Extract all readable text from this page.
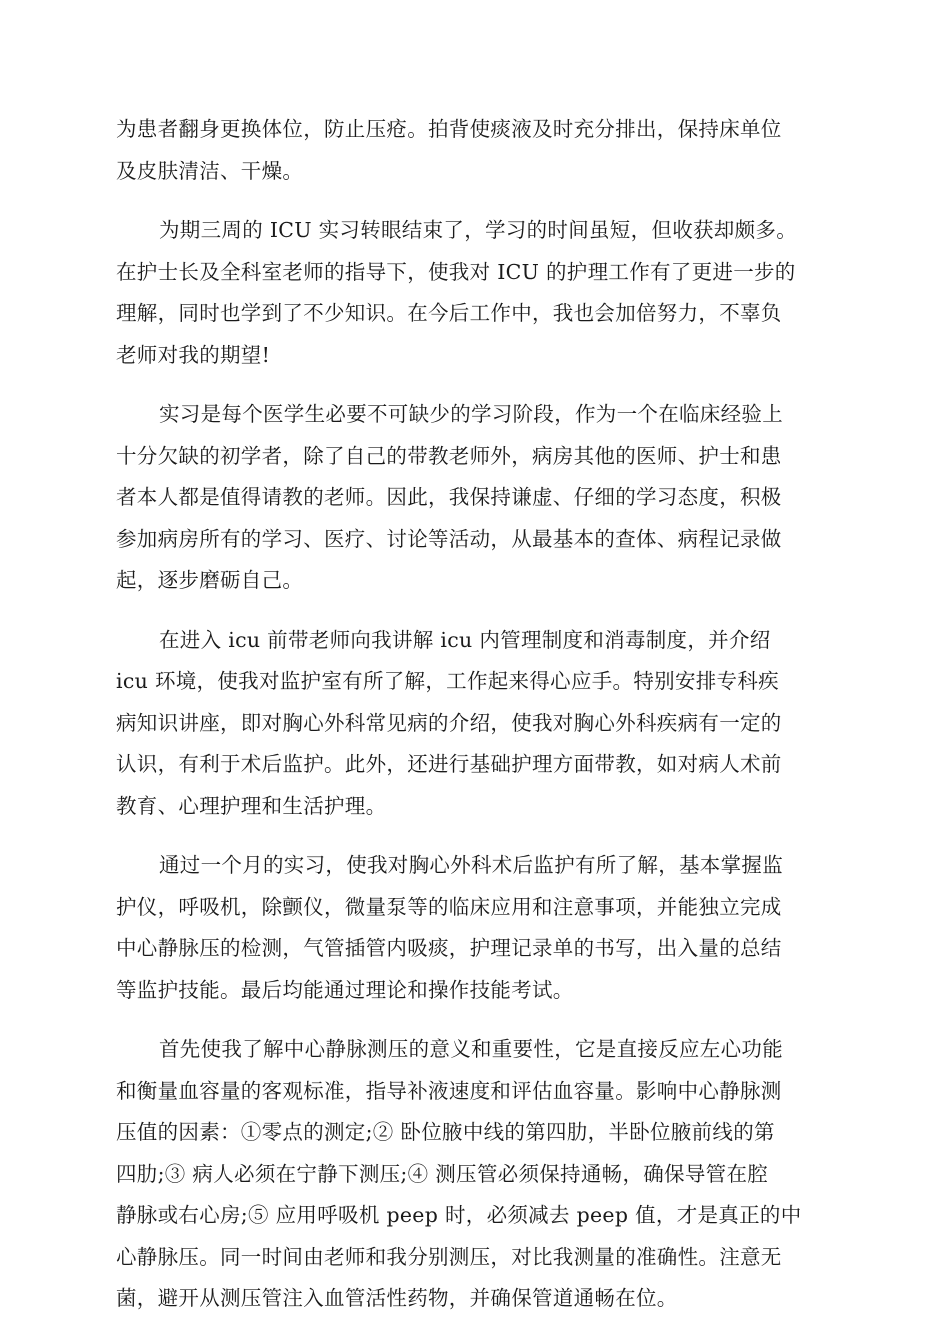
为患者翻身更换体位，防止压疮。拍背使痰液及时充分排出，保持床单位
及皮肤清洁、干燥。

为期三周的 ICU 实习转眼结束了，学习的时间虽短，但收获却颇多。
在护士长及全科室老师的指导下，使我对 ICU 的护理工作有了更进一步的
理解，同时也学到了不少知识。在今后工作中，我也会加倍努力，不辜负
老师对我的期望!

实习是每个医学生必要不可缺少的学习阶段，作为一个在临床经验上
十分欠缺的初学者，除了自己的带教老师外，病房其他的医师、护士和患
者本人都是值得请教的老师。因此，我保持谦虚、仔细的学习态度，积极
参加病房所有的学习、医疗、讨论等活动，从最基本的查体、病程记录做
起，逐步磨砺自己。

在进入 icu 前带老师向我讲解 icu 内管理制度和消毒制度，并介绍
icu 环境，使我对监护室有所了解，工作起来得心应手。特别安排专科疾
病知识讲座，即对胸心外科常见病的介绍，使我对胸心外科疾病有一定的
认识，有利于术后监护。此外，还进行基础护理方面带教，如对病人术前
教育、心理护理和生活护理。

通过一个月的实习，使我对胸心外科术后监护有所了解，基本掌握监
护仪，呼吸机，除颤仪，微量泵等的临床应用和注意事项，并能独立完成
中心静脉压的检测，气管插管内吸痰，护理记录单的书写，出入量的总结
等监护技能。最后均能通过理论和操作技能考试。

首先使我了解中心静脉测压的意义和重要性，它是直接反应左心功能
和衡量血容量的客观标准，指导补液速度和评估血容量。影响中心静脉测
压值的因素：①零点的测定;② 卧位腋中线的第四肋，半卧位腋前线的第
四肋;③ 病人必须在宁静下测压;④ 测压管必须保持通畅，确保导管在腔
静脉或右心房;⑤ 应用呼吸机 peep 时，必须减去 peep 值，才是真正的中
心静脉压。同一时间由老师和我分别测压，对比我测量的准确性。注意无
菌，避开从测压管注入血管活性药物，并确保管道通畅在位。
